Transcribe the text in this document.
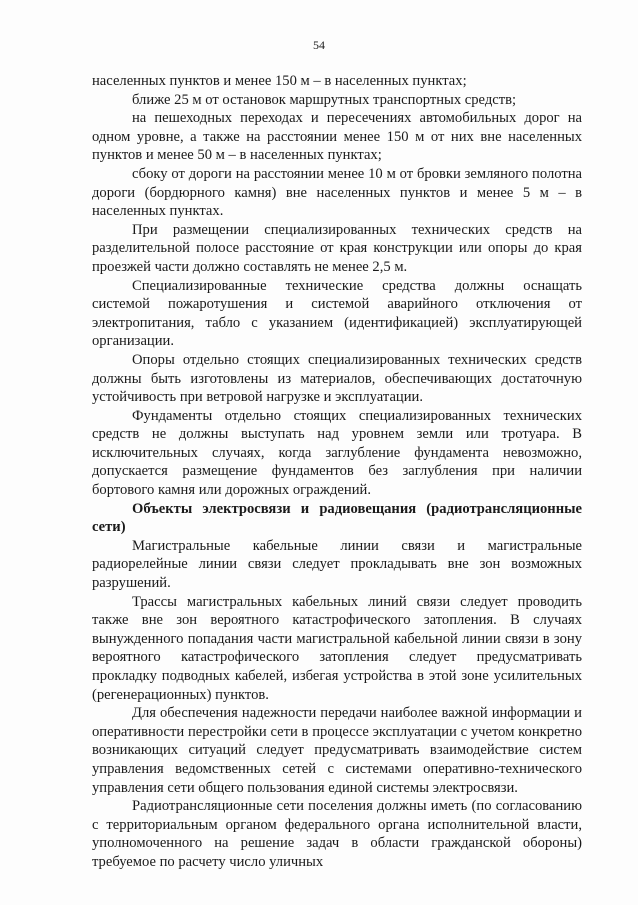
54

населенных пунктов и менее 150 м – в населенных пунктах;

ближе 25 м от остановок маршрутных транспортных средств;

на пешеходных переходах и пересечениях автомобильных дорог на одном уровне, а также на расстоянии менее 150 м от них вне населенных пунктов и менее 50 м – в населенных пунктах;

сбоку от дороги на расстоянии менее 10 м от бровки земляного полотна дороги (бордюрного камня) вне населенных пунктов и менее 5 м – в населенных пунктах.

При размещении специализированных технических средств на разделительной полосе расстояние от края конструкции или опоры до края проезжей части должно составлять не менее 2,5 м.

Специализированные технические средства должны оснащать системой пожаротушения и системой аварийного отключения от электропитания, табло с указанием (идентификацией) эксплуатирующей организации.

Опоры отдельно стоящих специализированных технических средств должны быть изготовлены из материалов, обеспечивающих достаточную устойчивость при ветровой нагрузке и эксплуатации.

Фундаменты отдельно стоящих специализированных технических средств не должны выступать над уровнем земли или тротуара. В исключительных случаях, когда заглубление фундамента невозможно, допускается размещение фундаментов без заглубления при наличии бортового камня или дорожных ограждений.

Объекты электросвязи и радиовещания (радиотрансляционные сети)

Магистральные кабельные линии связи и магистральные радиорелейные линии связи следует прокладывать вне зон возможных разрушений.

Трассы магистральных кабельных линий связи следует проводить также вне зон вероятного катастрофического затопления. В случаях вынужденного попадания части магистральной кабельной линии связи в зону вероятного катастрофического затопления следует предусматривать прокладку подводных кабелей, избегая устройства в этой зоне усилительных (регенерационных) пунктов.

Для обеспечения надежности передачи наиболее важной информации и оперативности перестройки сети в процессе эксплуатации с учетом конкретно возникающих ситуаций следует предусматривать взаимодействие систем управления ведомственных сетей с системами оперативно-технического управления сети общего пользования единой системы электросвязи.

Радиотрансляционные сети поселения должны иметь (по согласованию с территориальным органом федерального органа исполнительной власти, уполномоченного на решение задач в области гражданской обороны) требуемое по расчету число уличных
